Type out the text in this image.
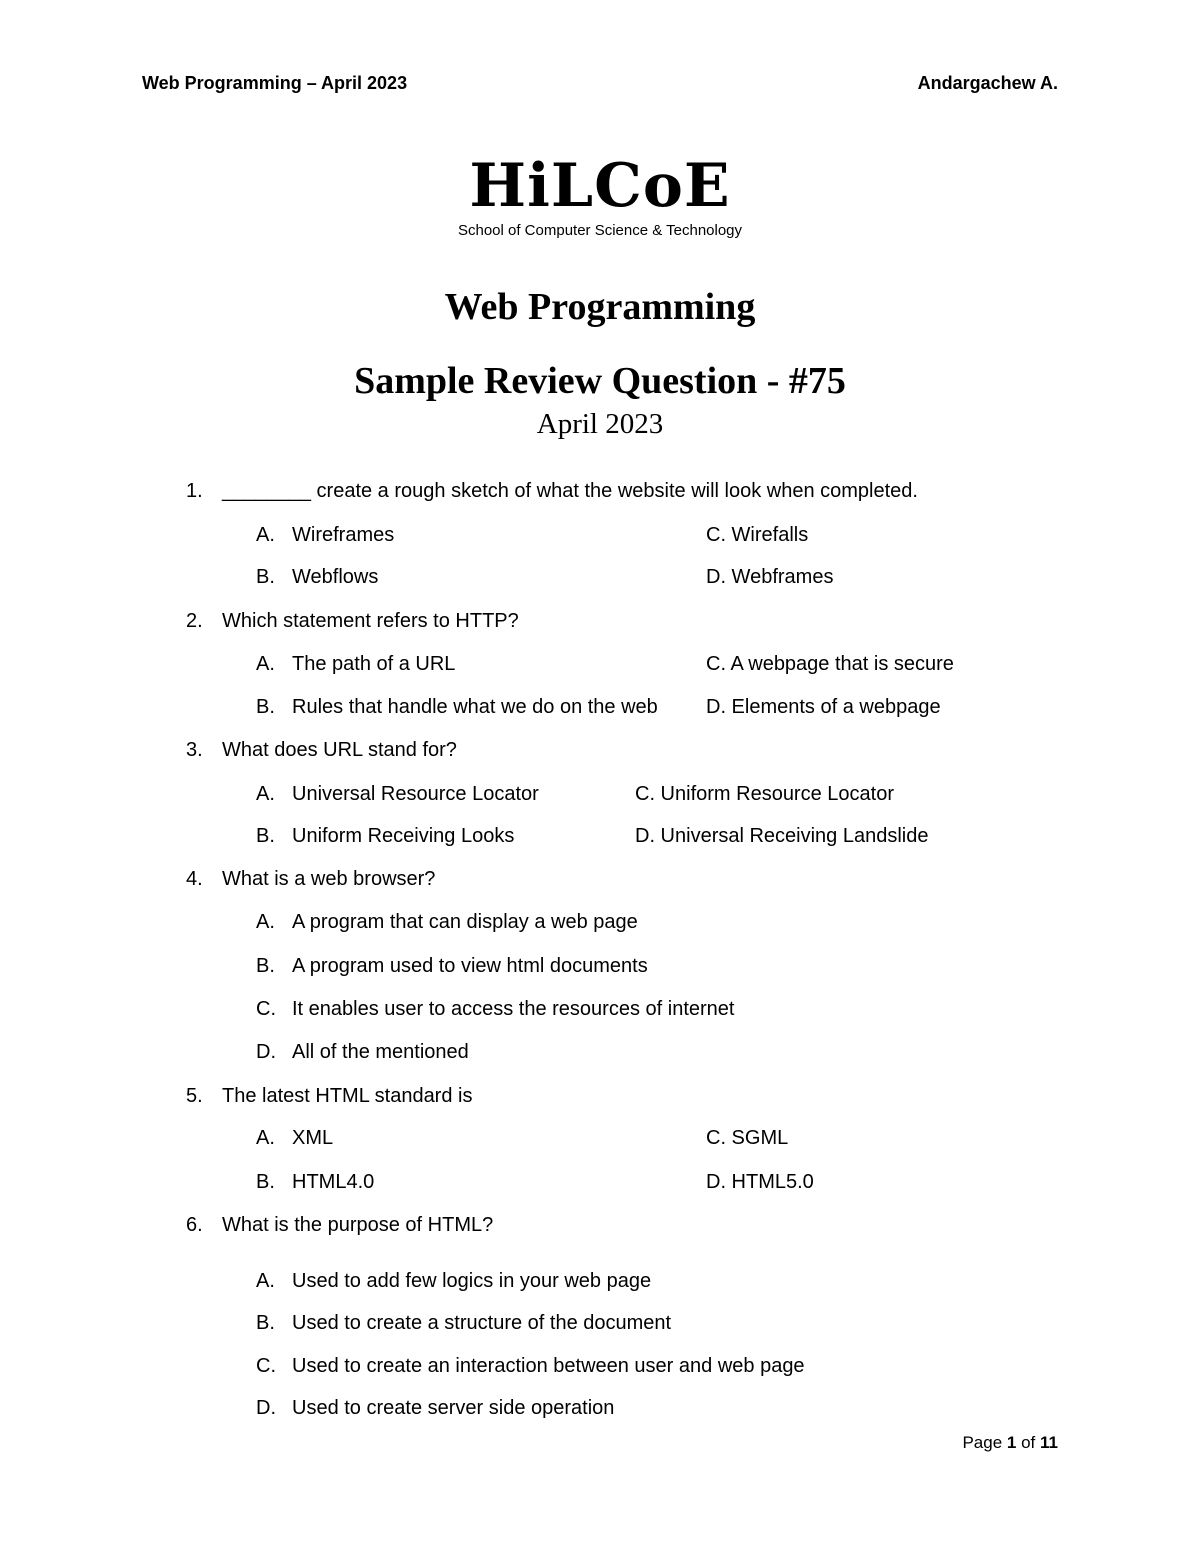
Web Programming – April 2023	Andargachew A.
HiLCoE
School of Computer Science & Technology
Web Programming
Sample Review Question - #75
April 2023
1. ________ create a rough sketch of what the website will look when completed.
A. Wireframes	C. Wirefalls
B. Webflows	D. Webframes
2. Which statement refers to HTTP?
A. The path of a URL	C. A webpage that is secure
B. Rules that handle what we do on the web D. Elements of a webpage
3. What does URL stand for?
A. Universal Resource Locator	C. Uniform Resource Locator
B. Uniform Receiving Looks	D. Universal Receiving Landslide
4. What is a web browser?
A. A program that can display a web page
B. A program used to view html documents
C. It enables user to access the resources of internet
D. All of the mentioned
5. The latest HTML standard is
A. XML	C. SGML
B. HTML4.0	D. HTML5.0
6. What is the purpose of HTML?
A. Used to add few logics in your web page
B. Used to create a structure of the document
C. Used to create an interaction between user and web page
D. Used to create server side operation
Page 1 of 11
